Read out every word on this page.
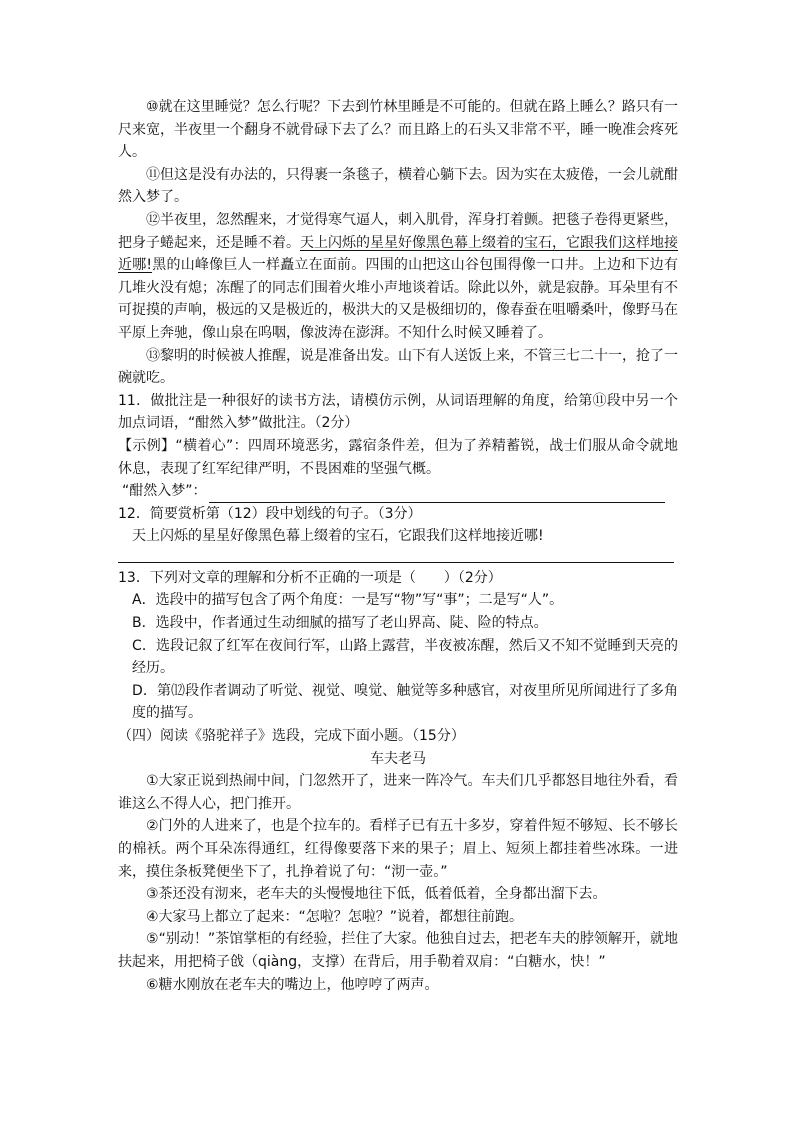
⑩就在这里睡觉？怎么行呢？下去到竹林里睡是不可能的。但就在路上睡么？路只有一尺来宽，半夜里一个翻身不就骨碌下去了么？而且路上的石头又非常不平，睡一晚准会疼死人。

⑪但这是没有办法的，只得裹一条毯子，横着心躺下去。因为实在太疲倦，一会儿就酣然入梦了。

⑫半夜里，忽然醒来，才觉得寒气逼人，刺入肌骨，浑身打着颤。把毯子卷得更紧些，把身子蜷起来，还是睡不着。天上闪烁的星星好像黑色幕上缀着的宝石，它跟我们这样地接近哪!黑的山峰像巨人一样矗立在面前。四围的山把这山谷包围得像一口井。上边和下边有几堆火没有熄；冻醒了的同志们围着火堆小声地谈着话。除此以外，就是寂静。耳朵里有不可捉摸的声响，极远的又是极近的，极洪大的又是极细切的，像春蚕在咀嚼桑叶，像野马在平原上奔驰，像山泉在呜咽，像波涛在澎湃。不知什么时候又睡着了。

⑬黎明的时候被人推醒，说是准备出发。山下有人送饭上来，不管三七二十一，抢了一碗就吃。

11．做批注是一种很好的读书方法，请模仿示例，从词语理解的角度，给第⑪段中另一个加点词语，“酣然入梦”做批注。（2分）

【示例】“横着心”：四周环境恶劣，露宿条件差，但为了养精蓄锐，战士们服从命令就地休息，表现了红军纪律严明，不畏困难的坚强气概。

“酣然入梦”：

12．简要赏析第（12）段中划线的句子。（3分）

天上闪烁的星星好像黑色幕上缀着的宝石，它跟我们这样地接近哪!

13．下列对文章的理解和分析不正确的一项是（　　）（2分）

A．选段中的描写包含了两个角度：一是写“物”写“事”；二是写“人”。

B．选段中，作者通过生动细腻的描写了老山界高、陡、险的特点。

C．选段记叙了红军在夜间行军，山路上露营，半夜被冻醒，然后又不知不觉睡到天亮的经历。

D．第⑿段作者调动了听觉、视觉、嗅觉、触觉等多种感官，对夜里所见所闻进行了多角度的描写。

（四）阅读《骆驼祥子》选段，完成下面小题。（15分）

车夫老马

①大家正说到热闹中间，门忽然开了，进来一阵冷气。车夫们几乎都怒目地往外看，看谁这么不得人心，把门推开。

②门外的人进来了，也是个拉车的。看样子已有五十多岁，穿着件短不够短、长不够长的棉袄。两个耳朵冻得通红，红得像要落下来的果子；眉上、短须上都挂着些冰珠。一进来，摸住条板凳便坐下了，扎挣着说了句：“沏一壶。”

③茶还没有沏来，老车夫的头慢慢地往下低，低着低着，全身都出溜下去。

④大家马上都立了起来：“怎啦？怎啦？”说着，都想往前跑。

⑤“别动！”茶馆掌柜的有经验，拦住了大家。他独自过去，把老车夫的脖领解开，就地扶起来，用把椅子戗（qiàng，支撑）在背后，用手勒着双肩：“白糖水，快！”

⑥糖水刚放在老车夫的嘴边上，他哼哼了两声。
